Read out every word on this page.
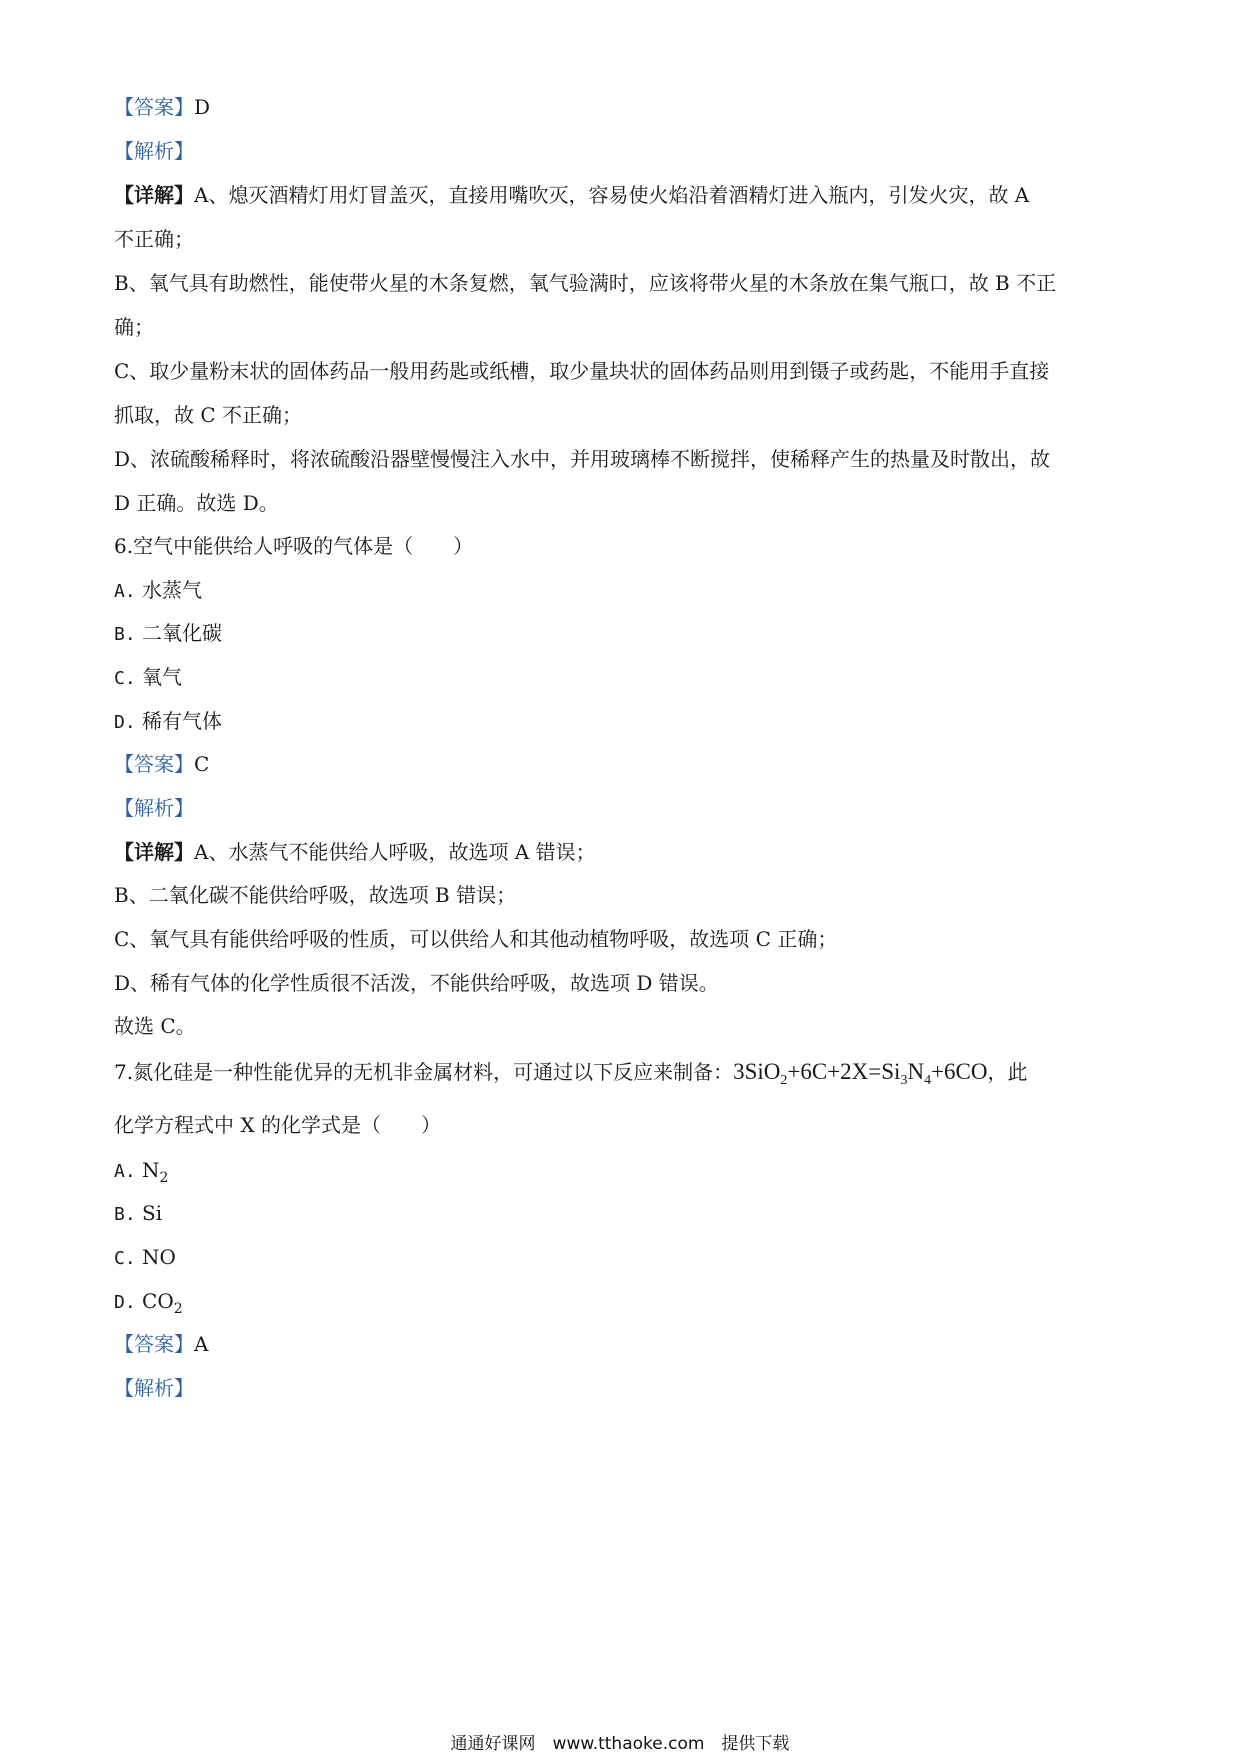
【答案】D
【解析】
【详解】A、熄灭酒精灯用灯冒盖灭，直接用嘴吹灭，容易使火焰沿着酒精灯进入瓶内，引发火灾，故 A
不正确；
B、氧气具有助燃性，能使带火星的木条复燃，氧气验满时，应该将带火星的木条放在集气瓶口，故 B 不正
确；
C、取少量粉末状的固体药品一般用药匙或纸槽，取少量块状的固体药品则用到镊子或药匙，不能用手直接
抓取，故 C 不正确；
D、浓硫酸稀释时，将浓硫酸沿器壁慢慢注入水中，并用玻璃棒不断搅拌，使稀释产生的热量及时散出，故
D 正确。故选 D。
6.空气中能供给人呼吸的气体是（　　）
A. 水蒸气
B. 二氧化碳
C. 氧气
D. 稀有气体
【答案】C
【解析】
【详解】A、水蒸气不能供给人呼吸，故选项 A 错误；
B、二氧化碳不能供给呼吸，故选项 B 错误；
C、氧气具有能供给呼吸的性质，可以供给人和其他动植物呼吸，故选项 C 正确；
D、稀有气体的化学性质很不活泼，不能供给呼吸，故选项 D 错误。
故选 C。
7.氮化硅是一种性能优异的无机非金属材料，可通过以下反应来制备：$3SiO_2+6C+2X=Si_3N_4+6CO$，此
化学方程式中 X 的化学式是（　　）
A. $N_2$
B. Si
C. NO
D. $CO_2$
【答案】A
【解析】
通通好课网　www.tthaoke.com　提供下载
